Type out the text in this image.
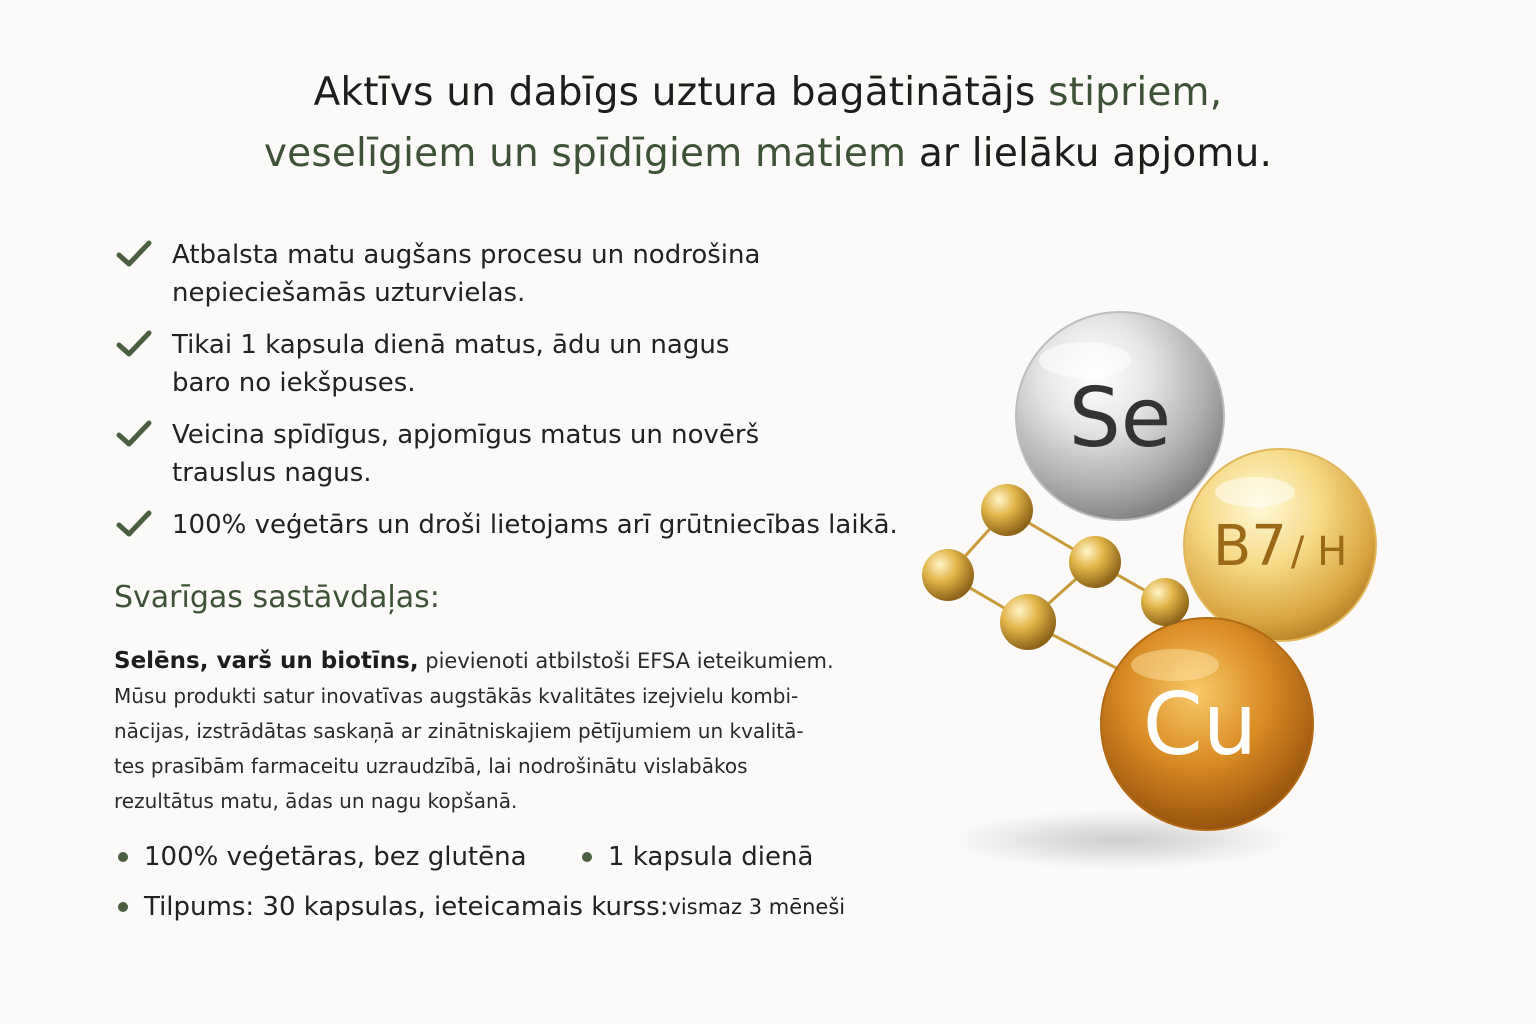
Aktīvs un dabīgs uztura bagātinātājs stipriem,
veselīgiem un spīdīgiem matiem ar lielāku apjomu.
Atbalsta matu augšans procesu un nodrošina
nepieciešamās uzturvielas.
Tikai 1 kapsula dienā matus, ādu un nagus
baro no iekšpuses.
Veicina spīdīgus, apjomīgus matus un novērš
trauslus nagus.
100% veģetārs un droši lietojams arī grūtniecības laikā.
Svarīgas sastāvdaļas:
Selēns, varš un biotīns, pievienoti atbilstoši EFSA ieteikumiem.
Mūsu produkti satur inovatīvas augstākās kvalitātes izejvielu kombi-
nācijas, izstrādātas saskaņā ar zinātniskajiem pētījumiem un kvalitā-
tes prasībām farmaceitu uzraudzībā, lai nodrošinātu vislabākos
rezultātus matu, ādas un nagu kopšanā.
100% veģetāras, bez glutēna	1 kapsula dienā
Tilpums: 30 kapsulas, ieteicamais kurss: vismaz 3 mēneši
Se
B7 / H
Cu
